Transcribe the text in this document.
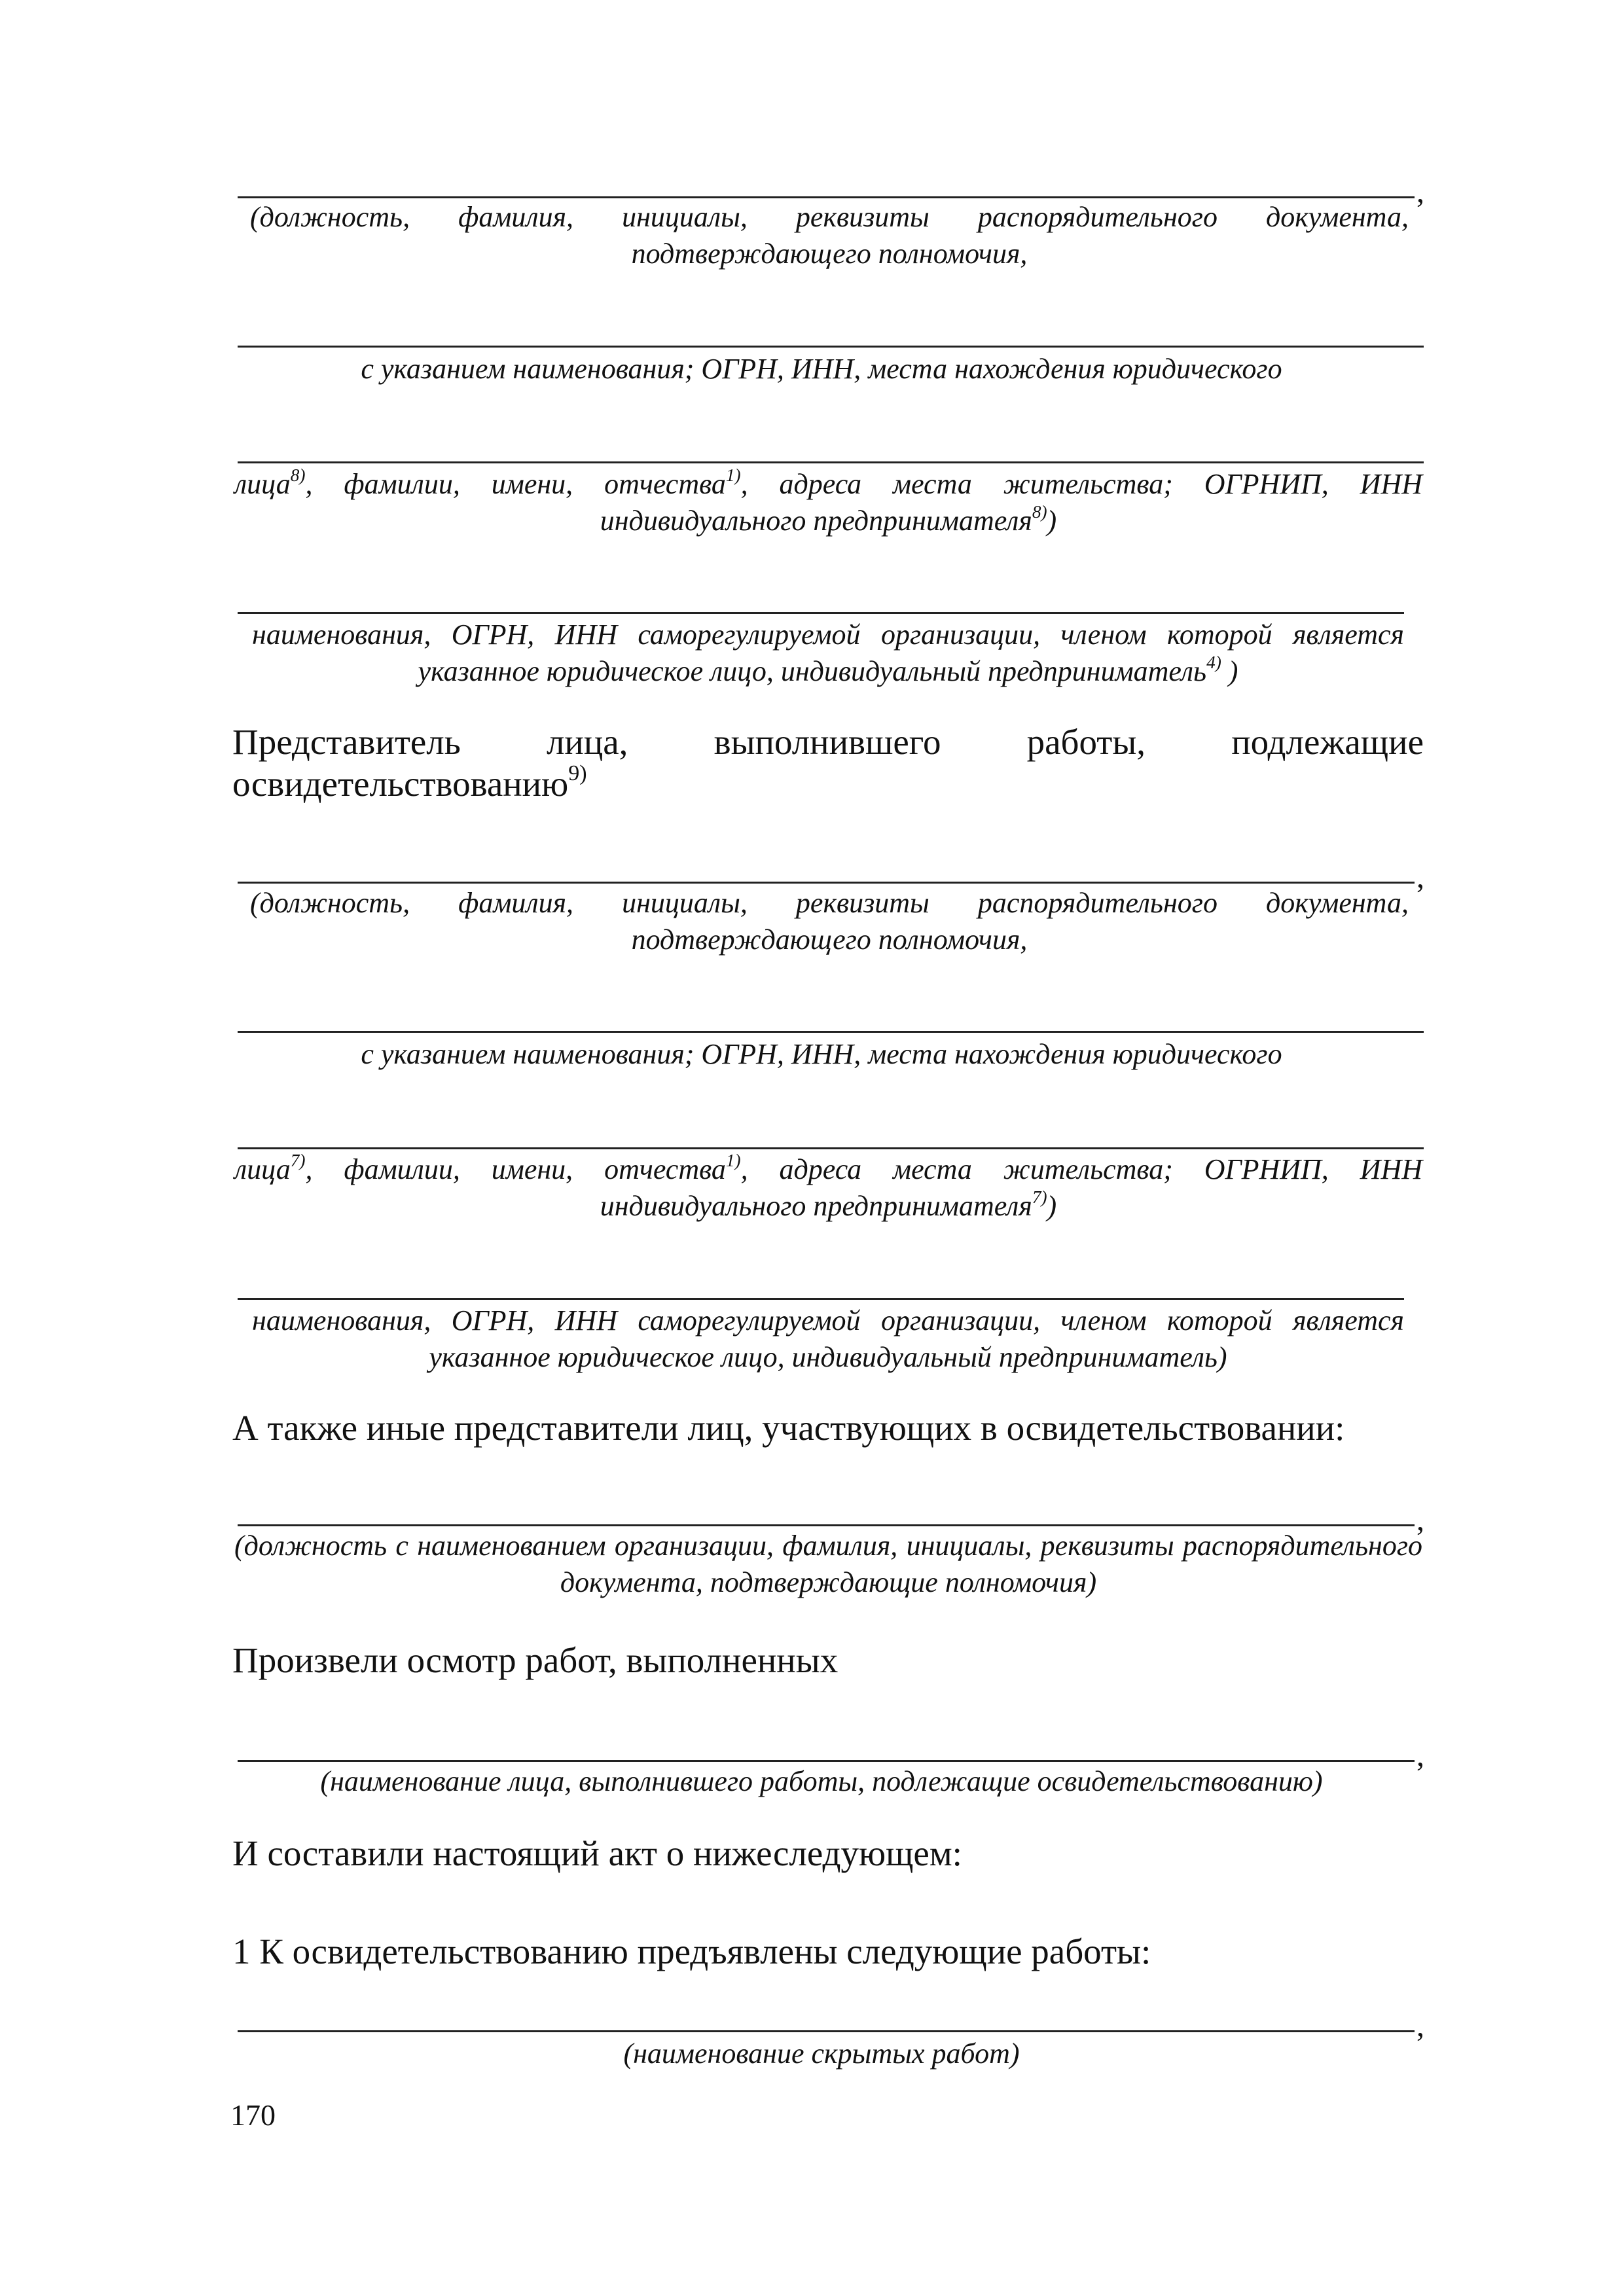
,
(должность, фамилия, инициалы, реквизиты распорядительного документа, подтверждающего полномочия,
с указанием наименования; ОГРН, ИНН, места нахождения юридического
лица$^{8)}$, фамилии, имени, отчества$^{1)}$, адреса места жительства; ОГРНИП, ИНН индивидуального предпринимателя$^{8)}$)
наименования, ОГРН, ИНН саморегулируемой организации, членом которой является указанное юридическое лицо, индивидуальный предприниматель$^{4)}$ )
Представитель лица, выполнившего работы, подлежащие освидетельствованию$^{9)}$
,
(должность, фамилия, инициалы, реквизиты распорядительного документа, подтверждающего полномочия,
с указанием наименования; ОГРН, ИНН, места нахождения юридического
лица$^{7)}$, фамилии, имени, отчества$^{1)}$, адреса места жительства; ОГРНИП, ИНН индивидуального предпринимателя$^{7)}$)
наименования, ОГРН, ИНН саморегулируемой организации, членом которой является указанное юридическое лицо, индивидуальный предприниматель)
А также иные представители лиц, участвующих в освидетельствовании:
,
(должность с наименованием организации, фамилия, инициалы, реквизиты распорядительного документа, подтверждающие полномочия)
Произвели осмотр работ, выполненных
,
(наименование лица, выполнившего работы, подлежащие освидетельствованию)
И составили настоящий акт о нижеследующем:
1 К освидетельствованию предъявлены следующие работы:
,
(наименование скрытых работ)
170
